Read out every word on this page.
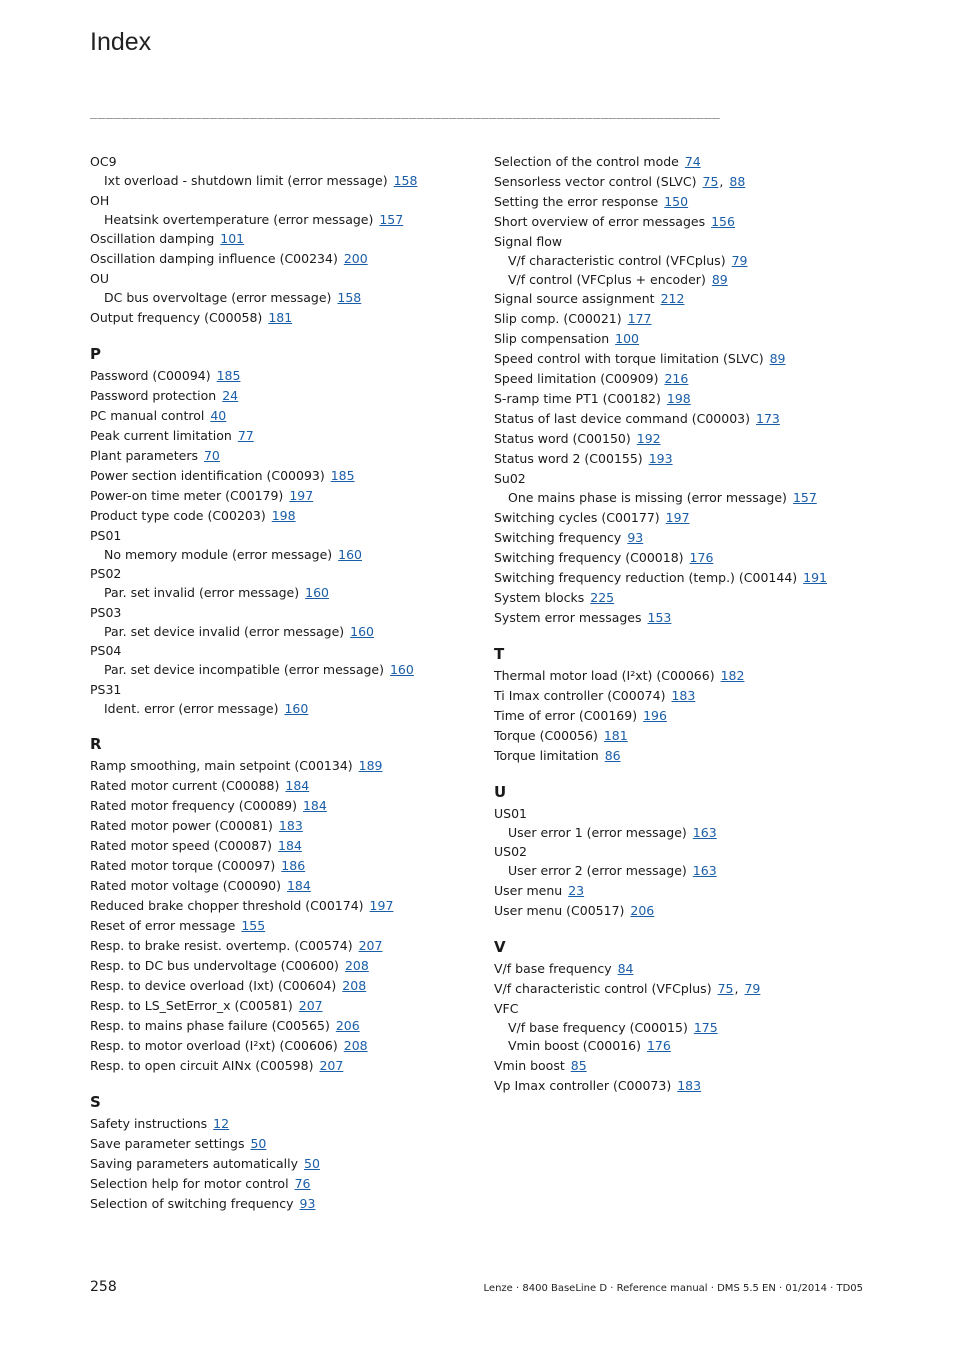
Index
_______________________________________________________________________________
OC9
Ixt overload - shutdown limit (error message) 158
OH
Heatsink overtemperature (error message) 157
Oscillation damping 101
Oscillation damping influence (C00234) 200
OU
DC bus overvoltage (error message) 158
Output frequency (C00058) 181
P
Password (C00094) 185
Password protection 24
PC manual control 40
Peak current limitation 77
Plant parameters 70
Power section identification (C00093) 185
Power-on time meter (C00179) 197
Product type code (C00203) 198
PS01
No memory module (error message) 160
PS02
Par. set invalid (error message) 160
PS03
Par. set device invalid (error message) 160
PS04
Par. set device incompatible (error message) 160
PS31
Ident. error (error message) 160
R
Ramp smoothing, main setpoint (C00134) 189
Rated motor current (C00088) 184
Rated motor frequency (C00089) 184
Rated motor power (C00081) 183
Rated motor speed (C00087) 184
Rated motor torque (C00097) 186
Rated motor voltage (C00090) 184
Reduced brake chopper threshold (C00174) 197
Reset of error message 155
Resp. to brake resist. overtemp. (C00574) 207
Resp. to DC bus undervoltage (C00600) 208
Resp. to device overload (Ixt) (C00604) 208
Resp. to LS_SetError_x (C00581) 207
Resp. to mains phase failure (C00565) 206
Resp. to motor overload (I²xt) (C00606) 208
Resp. to open circuit AINx (C00598) 207
S
Safety instructions 12
Save parameter settings 50
Saving parameters automatically 50
Selection help for motor control 76
Selection of switching frequency 93
Selection of the control mode 74
Sensorless vector control (SLVC) 75, 88
Setting the error response 150
Short overview of error messages 156
Signal flow
V/f characteristic control (VFCplus) 79
V/f control (VFCplus + encoder) 89
Signal source assignment 212
Slip comp. (C00021) 177
Slip compensation 100
Speed control with torque limitation (SLVC) 89
Speed limitation (C00909) 216
S-ramp time PT1 (C00182) 198
Status of last device command (C00003) 173
Status word (C00150) 192
Status word 2 (C00155) 193
Su02
One mains phase is missing (error message) 157
Switching cycles (C00177) 197
Switching frequency 93
Switching frequency (C00018) 176
Switching frequency reduction (temp.) (C00144) 191
System blocks 225
System error messages 153
T
Thermal motor load (I²xt) (C00066) 182
Ti Imax controller (C00074) 183
Time of error (C00169) 196
Torque (C00056) 181
Torque limitation 86
U
US01
User error 1 (error message) 163
US02
User error 2 (error message) 163
User menu 23
User menu (C00517) 206
V
V/f base frequency 84
V/f characteristic control (VFCplus) 75, 79
VFC
V/f base frequency (C00015) 175
Vmin boost (C00016) 176
Vmin boost 85
Vp Imax controller (C00073) 183
258	Lenze · 8400 BaseLine D · Reference manual · DMS 5.5 EN · 01/2014 · TD05
